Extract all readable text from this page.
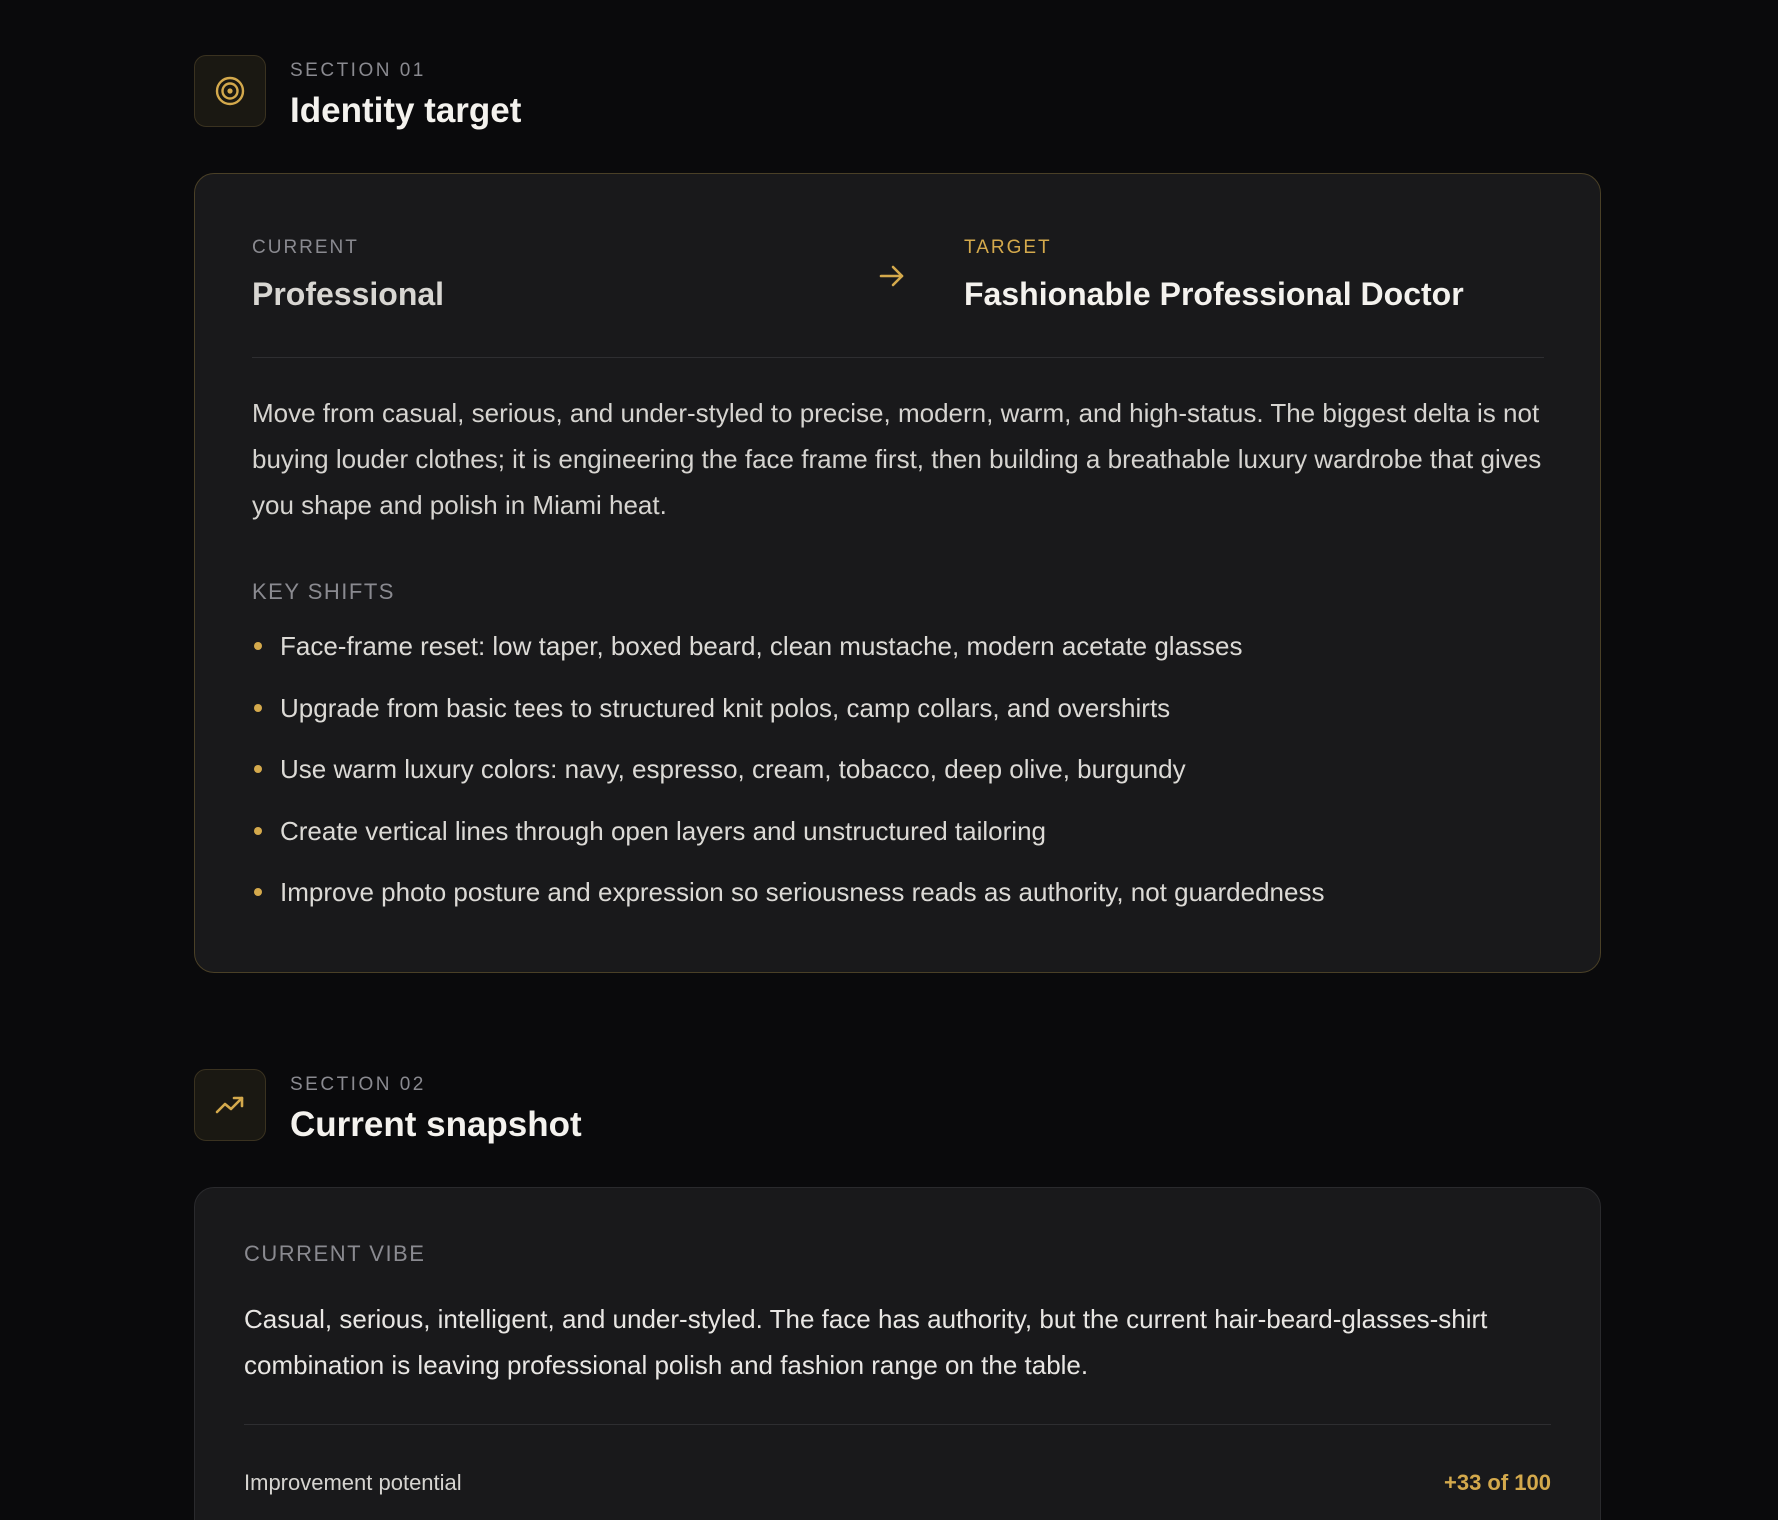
SECTION 01
Identity target
CURRENT
Professional
TARGET
Fashionable Professional Doctor

Move from casual, serious, and under-styled to precise, modern, warm, and high-status. The biggest delta is not buying louder clothes; it is engineering the face frame first, then building a breathable luxury wardrobe that gives you shape and polish in Miami heat.

KEY SHIFTS
Face-frame reset: low taper, boxed beard, clean mustache, modern acetate glasses
Upgrade from basic tees to structured knit polos, camp collars, and overshirts
Use warm luxury colors: navy, espresso, cream, tobacco, deep olive, burgundy
Create vertical lines through open layers and unstructured tailoring
Improve photo posture and expression so seriousness reads as authority, not guardedness
SECTION 02
Current snapshot
CURRENT VIBE

Casual, serious, intelligent, and under-styled. The face has authority, but the current hair-beard-glasses-shirt combination is leaving professional polish and fashion range on the table.

Improvement potential	+33 of 100
